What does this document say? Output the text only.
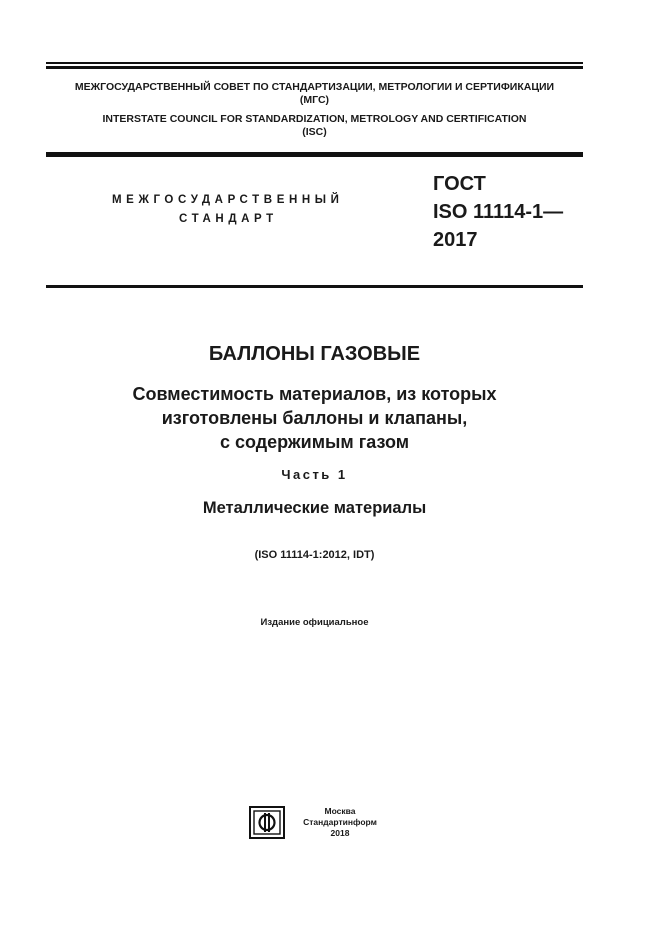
МЕЖГОСУДАРСТВЕННЫЙ СОВЕТ ПО СТАНДАРТИЗАЦИИ, МЕТРОЛОГИИ И СЕРТИФИКАЦИИ
(МГС)
INTERSTATE COUNCIL FOR STANDARDIZATION, METROLOGY AND CERTIFICATION
(ISC)
МЕЖГОСУДАРСТВЕННЫЙ
СТАНДАРТ
ГОСТ
ISO 11114-1—
2017
БАЛЛОНЫ ГАЗОВЫЕ
Совместимость материалов, из которых
изготовлены баллоны и клапаны,
с содержимым газом
Часть 1
Металлические материалы
(ISO 11114-1:2012, IDT)
Издание официальное
Москва
Стандартинформ
2018
